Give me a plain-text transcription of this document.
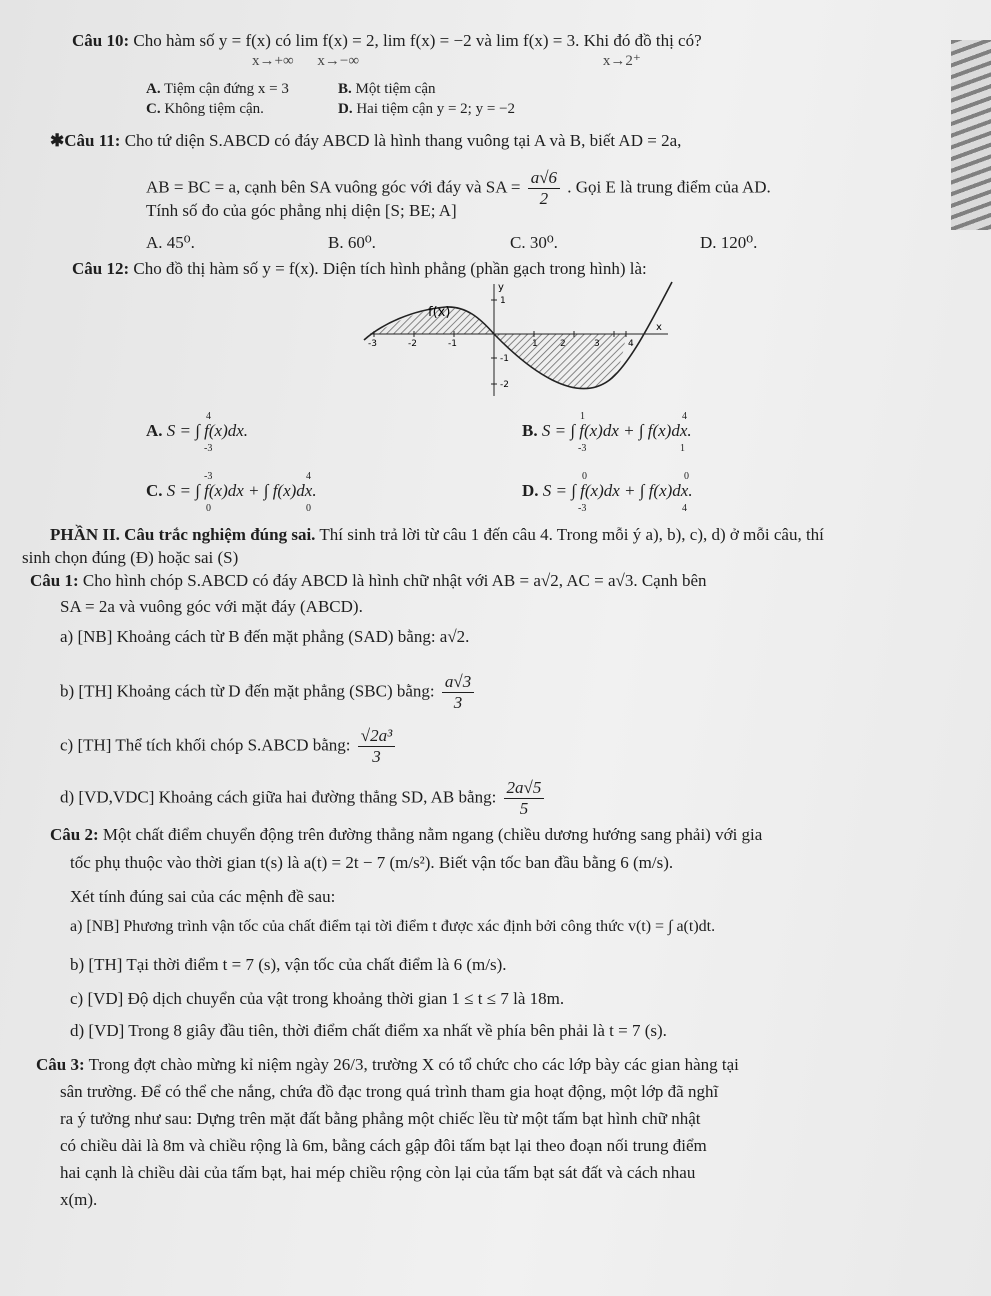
Câu 10: Cho hàm số y = f(x) có lim f(x) = 2, lim f(x) = −2 và lim f(x) = 3. Khi đó đồ thị có?
x→+∞ x→−∞	x→2⁺
A. Tiệm cận đứng x = 3	B. Một tiệm cận
C. Không tiệm cận.	D. Hai tiệm cận y = 2; y = −2
✱Câu 11: Cho tứ diện S.ABCD có đáy ABCD là hình thang vuông tại A và B, biết AD = 2a,
AB = BC = a, cạnh bên SA vuông góc với đáy và SA = $\frac{a√6}{2}$ . Gọi E là trung điểm của AD.
Tính số đo của góc phẳng nhị diện [S; BE; A]
A. 45⁰.	B. 60⁰.	C. 30⁰.	D. 120⁰.
Câu 12: Cho đồ thị hàm số y = f(x). Diện tích hình phẳng (phần gạch trong hình) là:
f(x)
y
x
-3	-2	-1	1 2	3	4
1
-1
-2
A. S = ∫ f(x)dx.
4
-3
B. S = ∫ f(x)dx + ∫ f(x)dx.
1
-3
4
1
C. S = ∫ f(x)dx + ∫ f(x)dx.
-3
0
4
0
D. S = ∫ f(x)dx + ∫ f(x)dx.
0
-3
0
4
PHẦN II. Câu trắc nghiệm đúng sai. Thí sinh trả lời từ câu 1 đến câu 4. Trong mỗi ý a), b), c), d) ở mỗi câu, thí
sinh chọn đúng (Đ) hoặc sai (S)
Câu 1: Cho hình chóp S.ABCD có đáy ABCD là hình chữ nhật với AB = a√2, AC = a√3. Cạnh bên
SA = 2a và vuông góc với mặt đáy (ABCD).
a) [NB] Khoảng cách từ B đến mặt phẳng (SAD) bằng: a√2.
b) [TH] Khoảng cách từ D đến mặt phẳng (SBC) bằng: $\frac{a√3}{3}$
c) [TH] Thể tích khối chóp S.ABCD bằng: $\frac{\text{√2a³}}{3}$
d) [VD,VDC] Khoảng cách giữa hai đường thẳng SD, AB bằng: $\frac{2a√5}{5}$
Câu 2: Một chất điểm chuyển động trên đường thẳng nằm ngang (chiều dương hướng sang phải) với gia
tốc phụ thuộc vào thời gian t(s) là a(t) = 2t − 7 (m/s²). Biết vận tốc ban đầu bằng 6 (m/s).
Xét tính đúng sai của các mệnh đề sau:
a) [NB] Phương trình vận tốc của chất điểm tại tời điểm t được xác định bởi công thức v(t) = ∫ a(t)dt.
b) [TH] Tại thời điểm t = 7 (s), vận tốc của chất điểm là 6 (m/s).
c) [VD] Độ dịch chuyển của vật trong khoảng thời gian 1 ≤ t ≤ 7 là 18m.
d) [VD] Trong 8 giây đầu tiên, thời điểm chất điểm xa nhất về phía bên phải là t = 7 (s).
Câu 3: Trong đợt chào mừng kỉ niệm ngày 26/3, trường X có tổ chức cho các lớp bày các gian hàng tại
sân trường. Để có thể che nắng, chứa đồ đạc trong quá trình tham gia hoạt động, một lớp đã nghĩ
ra ý tưởng như sau: Dựng trên mặt đất bằng phẳng một chiếc lều từ một tấm bạt hình chữ nhật
có chiều dài là 8m và chiều rộng là 6m, bằng cách gập đôi tấm bạt lại theo đoạn nối trung điểm
hai cạnh là chiều dài của tấm bạt, hai mép chiều rộng còn lại của tấm bạt sát đất và cách nhau
x(m).
